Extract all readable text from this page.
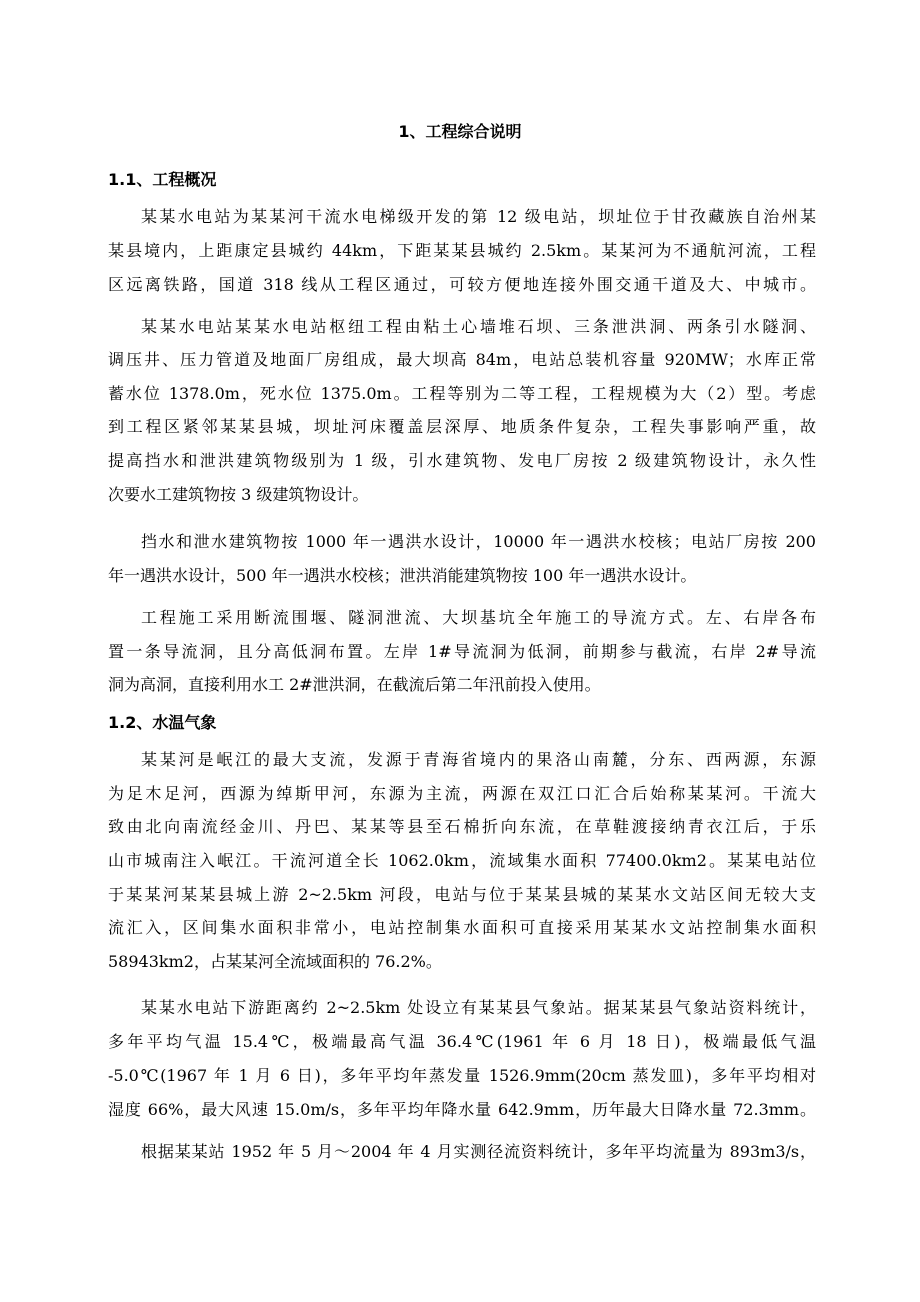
1、工程综合说明
1.1、工程概况
某某水电站为某某河干流水电梯级开发的第 12 级电站，坝址位于甘孜藏族自治州某
某县境内，上距康定县城约 44km，下距某某县城约 2.5km。某某河为不通航河流，工程
区远离铁路，国道 318 线从工程区通过，可较方便地连接外围交通干道及大、中城市。
某某水电站某某水电站枢纽工程由粘土心墙堆石坝、三条泄洪洞、两条引水隧洞、
调压井、压力管道及地面厂房组成，最大坝高 84m，电站总装机容量 920MW；水库正常
蓄水位 1378.0m，死水位 1375.0m。工程等别为二等工程，工程规模为大（2）型。考虑
到工程区紧邻某某县城，坝址河床覆盖层深厚、地质条件复杂，工程失事影响严重，故
提高挡水和泄洪建筑物级别为 1 级，引水建筑物、发电厂房按 2 级建筑物设计，永久性
次要水工建筑物按 3 级建筑物设计。
挡水和泄水建筑物按 1000 年一遇洪水设计，10000 年一遇洪水校核；电站厂房按 200
年一遇洪水设计，500 年一遇洪水校核；泄洪消能建筑物按 100 年一遇洪水设计。
工程施工采用断流围堰、隧洞泄流、大坝基坑全年施工的导流方式。左、右岸各布
置一条导流洞，且分高低洞布置。左岸 1#导流洞为低洞，前期参与截流，右岸 2#导流
洞为高洞，直接利用水工 2#泄洪洞，在截流后第二年汛前投入使用。
1.2、水温气象
某某河是岷江的最大支流，发源于青海省境内的果洛山南麓，分东、西两源，东源
为足木足河，西源为绰斯甲河，东源为主流，两源在双江口汇合后始称某某河。干流大
致由北向南流经金川、丹巴、某某等县至石棉折向东流，在草鞋渡接纳青衣江后，于乐
山市城南注入岷江。干流河道全长 1062.0km，流域集水面积 77400.0km2。某某电站位
于某某河某某县城上游 2~2.5km 河段，电站与位于某某县城的某某水文站区间无较大支
流汇入，区间集水面积非常小，电站控制集水面积可直接采用某某水文站控制集水面积
58943km2，占某某河全流域面积的 76.2%。
某某水电站下游距离约 2~2.5km 处设立有某某县气象站。据某某县气象站资料统计，
多年平均气温 15.4℃，极端最高气温 36.4℃(1961 年 6 月 18 日)，极端最低气温
-5.0℃(1967 年 1 月 6 日)，多年平均年蒸发量 1526.9mm(20cm 蒸发皿)，多年平均相对
湿度 66%，最大风速 15.0m/s，多年平均年降水量 642.9mm，历年最大日降水量 72.3mm。
根据某某站 1952 年 5 月～2004 年 4 月实测径流资料统计，多年平均流量为 893m3/s，
